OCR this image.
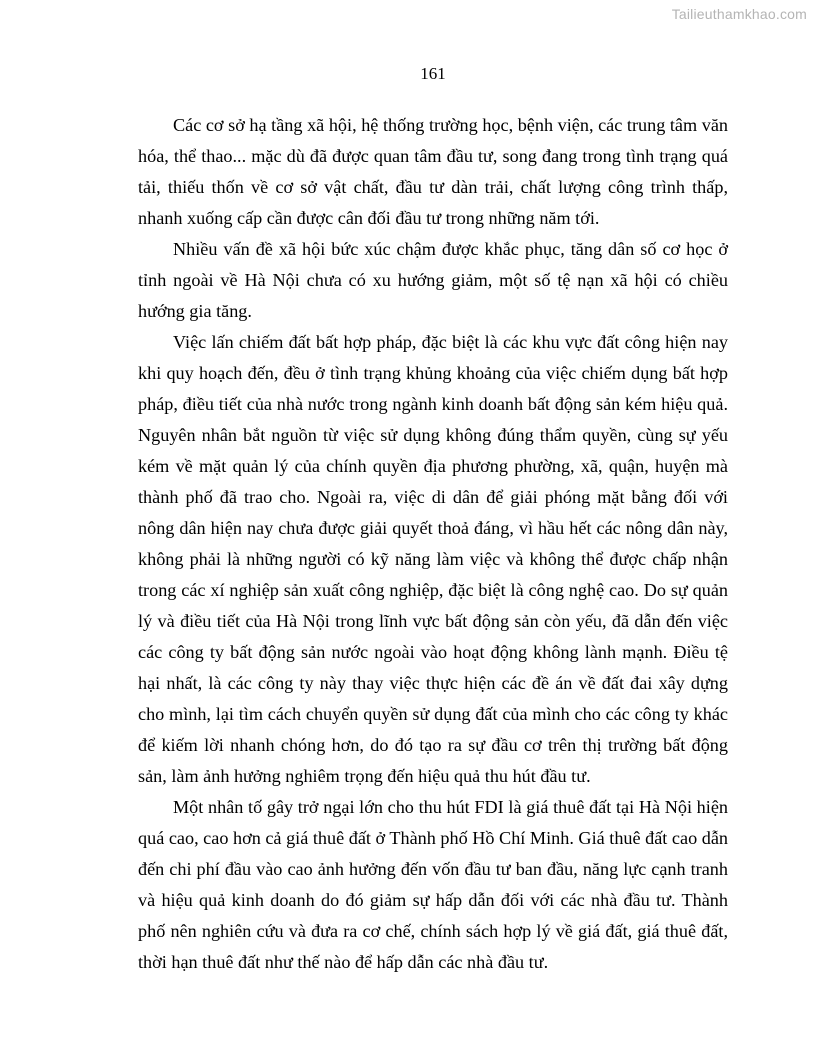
Tailieuthamkhao.com
161

Các cơ sở hạ tầng xã hội, hệ thống trường học, bệnh viện, các trung tâm văn hóa, thể thao... mặc dù đã được quan tâm đầu tư, song đang trong tình trạng quá tải, thiếu thốn về cơ sở vật chất, đầu tư dàn trải, chất lượng công trình thấp, nhanh xuống cấp cần được cân đối đầu tư trong những năm tới.

Nhiều vấn đề xã hội bức xúc chậm được khắc phục, tăng dân số cơ học ở tỉnh ngoài về Hà Nội chưa có xu hướng giảm, một số tệ nạn xã hội có chiều hướng gia tăng.

Việc lấn chiếm đất bất hợp pháp, đặc biệt là các khu vực đất công hiện nay khi quy hoạch đến, đều ở tình trạng khủng khoảng của việc chiếm dụng bất hợp pháp, điều tiết của nhà nước trong ngành kinh doanh bất động sản kém hiệu quả. Nguyên nhân bắt nguồn từ việc sử dụng không đúng thẩm quyền, cùng sự yếu kém về mặt quản lý của chính quyền địa phương phường, xã, quận, huyện mà thành phố đã trao cho. Ngoài ra, việc di dân để giải phóng mặt bằng đối với nông dân hiện nay chưa được giải quyết thoả đáng, vì hầu hết các nông dân này, không phải là những người có kỹ năng làm việc và không thể được chấp nhận trong các xí nghiệp sản xuất công nghiệp, đặc biệt là công nghệ cao. Do sự quản lý và điều tiết của Hà Nội trong lĩnh vực bất động sản còn yếu, đã dẫn đến việc các công ty bất động sản nước ngoài vào hoạt động không lành mạnh. Điều tệ hại nhất, là các công ty này thay việc thực hiện các đề án về đất đai xây dựng cho mình, lại tìm cách chuyển quyền sử dụng đất của mình cho các công ty khác để kiếm lời nhanh chóng hơn, do đó tạo ra sự đầu cơ trên thị trường bất động sản, làm ảnh hưởng nghiêm trọng đến hiệu quả thu hút đầu tư.

Một nhân tố gây trở ngại lớn cho thu hút FDI là giá thuê đất tại Hà Nội hiện quá cao, cao hơn cả giá thuê đất ở Thành phố Hồ Chí Minh. Giá thuê đất cao dẫn đến chi phí đầu vào cao ảnh hưởng đến vốn đầu tư ban đầu, năng lực cạnh tranh và hiệu quả kinh doanh do đó giảm sự hấp dẫn đối với các nhà đầu tư. Thành phố nên nghiên cứu và đưa ra cơ chế, chính sách hợp lý về giá đất, giá thuê đất, thời hạn thuê đất như thế nào để hấp dẫn các nhà đầu tư.
